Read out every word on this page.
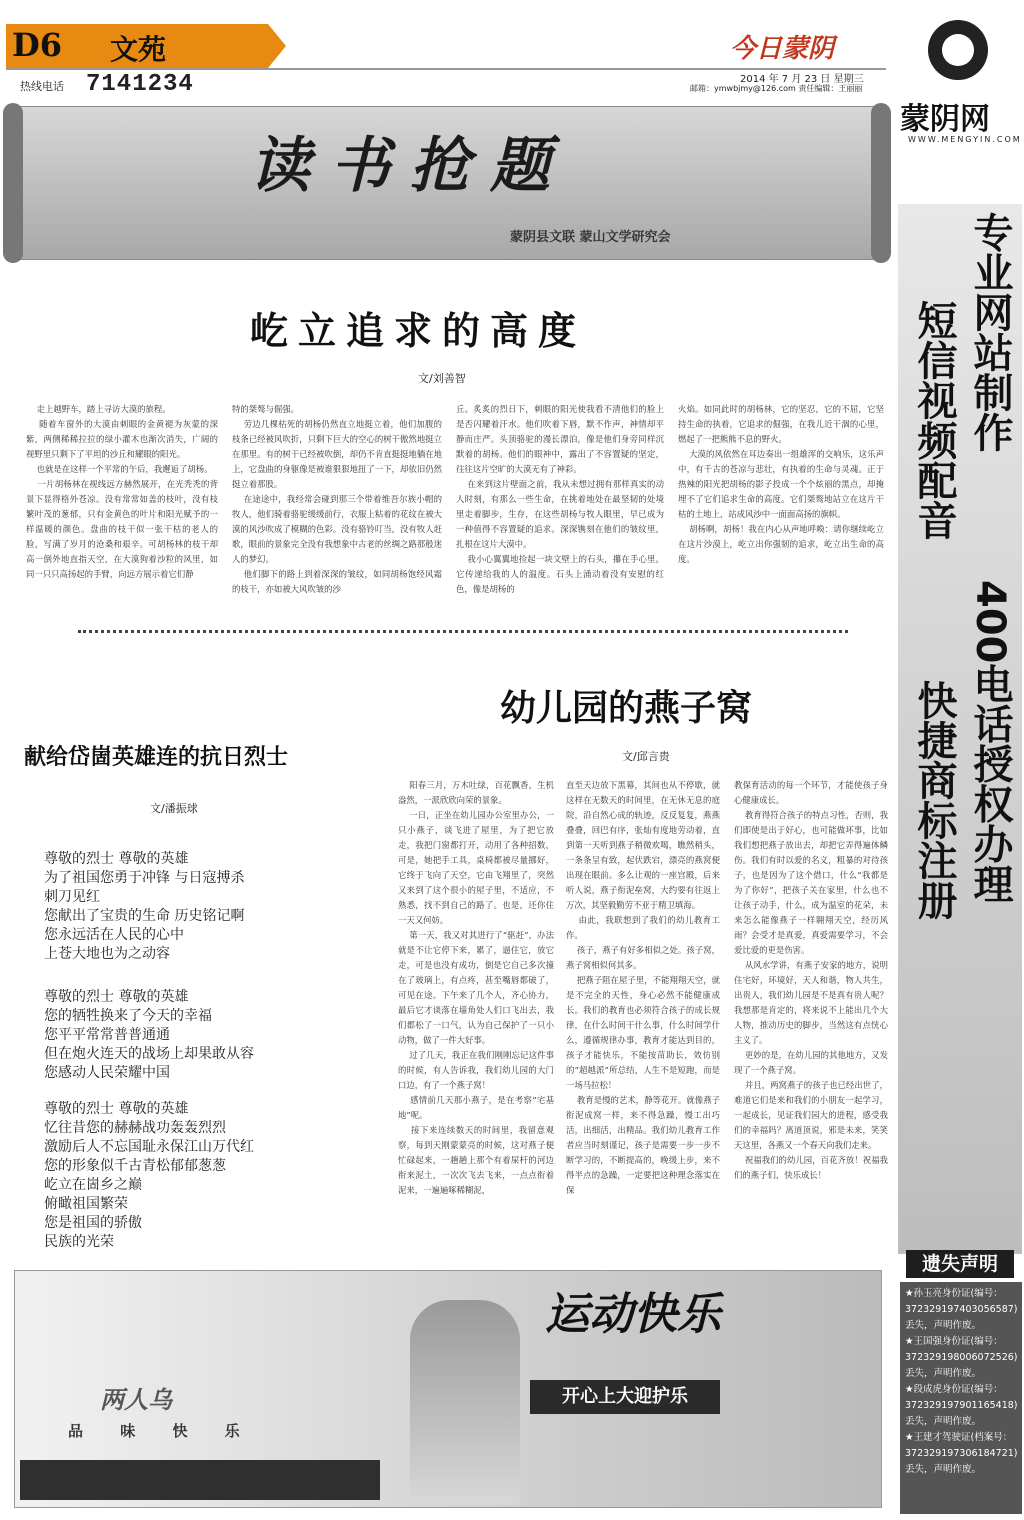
D6 文苑	今日蒙阴
2014 年 7 月 23 日 星期三
邮箱：ymwbjmy@126.com 责任编辑：王丽丽
热线电话 7141234
读书抢题
蒙阴县文联 蒙山文学研究会
屹立追求的高度
文/刘善智
走上越野车，踏上寻访大漠的旅程。
随着车窗外的大漠由刺眼的金黄褪为灰蒙的深紫，两侧稀稀拉拉的绿小灌木也渐次消失，广阔的视野里只剩下了平坦的沙丘和耀眼的阳光。
也就是在这样一个平常的午后，我邂逅了胡杨。
一片胡杨林在视线远方赫然展开，在光秃秃的背景下显得格外苍凉。没有常常如盖的枝叶，没有枝繁叶茂的葱郁，只有金黄色的叶片和阳光赋予的一样温暖的颜色。盘曲的枝干似一张干枯的老人的脸，写满了岁月的沧桑和艰辛。可胡杨林的枝干却高一倒外地直指天空，在大漠狗着沙粒的风里，如同一只只高扬起的手臂，向远方展示着它们静
特的桀骜与倔强。
劳边几棵枯死的胡杨仍然直立地挺立着，他们加腹的枝条已经被风吹折，只剩下巨大的空心的树干傲然地挺立在那里。有的树干已经被吹倒，却仍不肯直挺挺地躺在地上，它盘曲的身躯像是被谁狠狠地扭了一下，却依旧仍然挺立着那股。
在途途中，我经常会碰到那三个带着维吾尔族小帽的牧人，他们骑着骆驼缓缓前行，衣服上粘着的花纹在被大漠的风沙吹成了模糊的色彩。没有骆铃叮当，没有牧人赶歌，眼前的景象完全没有我想象中古老的丝绸之路那般迷人的梦幻。
他们脚下的路上到着深深的皱纹，如同胡杨饱经风霜的枝干，亦如被大风吹皱的沙
丘。炙炙的烈日下，刺眼的阳光使我看不清他们的脸上是否闪耀着汗水。他们吹着下唇，默不作声，神情却平静而庄严。头顶骆驼的漫长漂泊，像是他们身旁同样沉默着的胡杨。他们的眼神中，露出了不容置疑的坚定，往往这片空旷的大漠无有了神彩。
在来到这片壁面之前，我从未想过拥有那样真实的动人时刻，有那么一些生命，在挑着地处在最坚韧的处境里走着脚步，生存，在这些胡杨与牧人眼里，早已成为一种值得不容置疑的追求。深深镌刻在他们的皱纹里，扎根在这片大漠中。
我小心翼翼地捡起一块文壁上的石头，攥在手心里。它传递给我的人的温度。石头上涌动着没有安慰的红色，像是胡杨的
火焰。如同此时的胡杨林，它的坚忍，它的不屈，它坚持生命的执着，它追求的倔强，在我儿近干涸的心里，燃起了一把熊熊不息的野火。
大漠的风依然在耳边奏出一组雄浑的交响乐，这乐声中，有千古的苍凉与悲壮，有执着的生命与灵魂。正于热辣的阳光把胡杨的影子投成一个个炫丽的黑点，却掩埋不了它们追求生命的高度。它们桀骜地站立在这片干枯的土地上，站成风沙中一面面高扬的旗帜。
胡杨啊，胡杨！我在内心从声地呼喚：请你继续屹立在这片沙漠上，屹立出你强韧的追求，屹立出生命的高度。
献给岱崮英雄连的抗日烈士
文/潘振球
尊敬的烈士 尊敬的英雄
为了祖国您勇于冲锋 与日寇搏杀
刺刀见红
您献出了宝贵的生命 历史铭记啊
您永远活在人民的心中
上苍大地也为之动容
尊敬的烈士 尊敬的英雄
您的牺牲换来了今天的幸福
您平平常常普普通通
但在炮火连天的战场上却果敢从容
您感动人民荣耀中国
尊敬的烈士 尊敬的英雄
忆往昔您的赫赫战功轰轰烈烈
激励后人不忘国耻永保江山万代红
您的形象似千古青松郁郁葱葱
屹立在崮乡之巅
俯瞰祖国繁荣
您是祖国的骄傲
民族的光荣
幼儿园的燕子窝
文/邱言贵
阳春三月，万木吐绿，百花飘香，生机盎然，一派欣欣向荣的景象。
一日，正坐在幼儿园办公室里办公，一只小燕子，谈飞进了屋里，为了把它放走，我把门窗都打开，动用了各种招数，可是，她把手工具，桌椅都被尽量挪好，它终于飞向了天空，它由飞翔里了，突然又来到了这个很小的屋子里，不适应，不熟悉，找不到自己的路了。也是，还你住一天又何妨。
第一天，我又对其进行了“驱赶”，办法就是不让它停下来，累了，逼住它，放它走，可是也没有成功，倒是它自己多次撞在了玻璃上，有点疼，甚至嘴唇都破了，可见在途。下午来了几个人，齐心协力，最后它才谈落在墙角处人们口飞出去，我们都松了一口气，认为自己保护了一只小动物，做了一件大好事。
过了几天，我正在我们刚刚忘记这件事的时候，有人告诉我，我们幼儿园的大门口边，有了一个燕子窝！
感情前几天那小燕子，是在考察“宅基地”呢。
接下来连续数天的时间里，我留意观察，每到天刚蒙蒙亮的时候，这对燕子便忙碌起来，一趟趟上那个有着屎杆的河边衔来泥土，一次次飞去飞来，一点点衔着泥来，一遍遍啄稀糊泥，
直至天边放下黑幕，其间也从不停歇，就这样在无数天的时间里，在无休无息的庭院，沿自然心成的轨迹，反反复复，燕燕叠叠，回巴有序，张灿有度地劳动着，直到第一天听到燕子稍微欢喝，瞧然稍头，一条条呈有致，起伏跌宕，漂亮的燕窝便出现在眼前。多么让观的一座宫殿，后来听人说，燕子衔泥垒窝，大约要有往返上万次，其坚毅勤劳不亚于精卫填海。
由此，我联想到了我们的幼儿教育工作。
孩子，燕子有好多相似之处。孩子窝，燕子窝相似何其多。
把燕子阻在屋子里，不能翔翔天空，就是不完全的天性，身心必然不能健康成长。我们的教育也必须符合孩子的成长规律，在什么时间干什么事，什么时间学什么，遵循规律办事，教育才能达到目的，孩子才能快乐，不能按苗助长，效仿别的“超越派”所总结，人生不是短跑，而是一场马拉松！
教育是慢的艺术，静等花开。就像燕子衔泥成窝一样，来不得急躁，慢工出巧活，出细活，出精品。我们幼儿教育工作者应当时刻谨记，孩子是需要一步一步不断学习的，不断提高的，晚缓上步，来不得半点的急躁，一定要把这种理念落实在保
教保育活动的每一个环节，才能使孩子身心健康成长。
教育得符合孩子的特点习性，否则，我们即使是出于好心，也可能做坏事，比如我们想把燕子放出去，却把它弄得遍体鳞伤。我们有时以爱的名义，粗暴的对待孩子，也是因为了这个借口，什么“我都是为了你好”，把孩子关在家里，什么也不让孩子动手，什么，成为温室的花朵，未来怎么能像燕子一样翱翔天空，经历风雨？会受才是真爱，真爱需要学习，不会爱比爱的更是伤害。
从风水学讲，有燕子安家的地方，说明住宅好，环境好，天人和谐，物人共生，出贵人，我们幼儿园是不是真有贵人呢？我想那是肯定的，将来说不上能出几个大人物，推动历史的脚步，当然这有点恍心主义了。
更妙的是，在幼儿园的其他地方，又发现了一个燕子窝。
并且，两窝燕子的孩子也已经出世了，难道它们是来和我们的小朋友一起学习，一起成长，见证我们园大的进程，感受我们的幸福吗？离道顶说，邪是未来，笑笑天这里，各燕又一个春天向我们走来。
祝福我们的幼儿园，百花齐放！祝福我们的燕子们，快乐成长！
蒙阴网
WWW.MENGYIN.COM
专业网站制作
短信视频配音
400电话授权办理
快捷商标注册
遗失声明
★孙玉亮身份证(编号：372329197403056587)丢失，声明作废。
★王国强身份证(编号：372329198006072526)丢失，声明作废。
★段成虎身份证(编号：372329197901165418)丢失，声明作废。
★王建才驾驶证(档案号：372329197306184721)丢失，声明作废。
两人乌
品 味 快 乐
运动快乐
开心上大迎护乐
